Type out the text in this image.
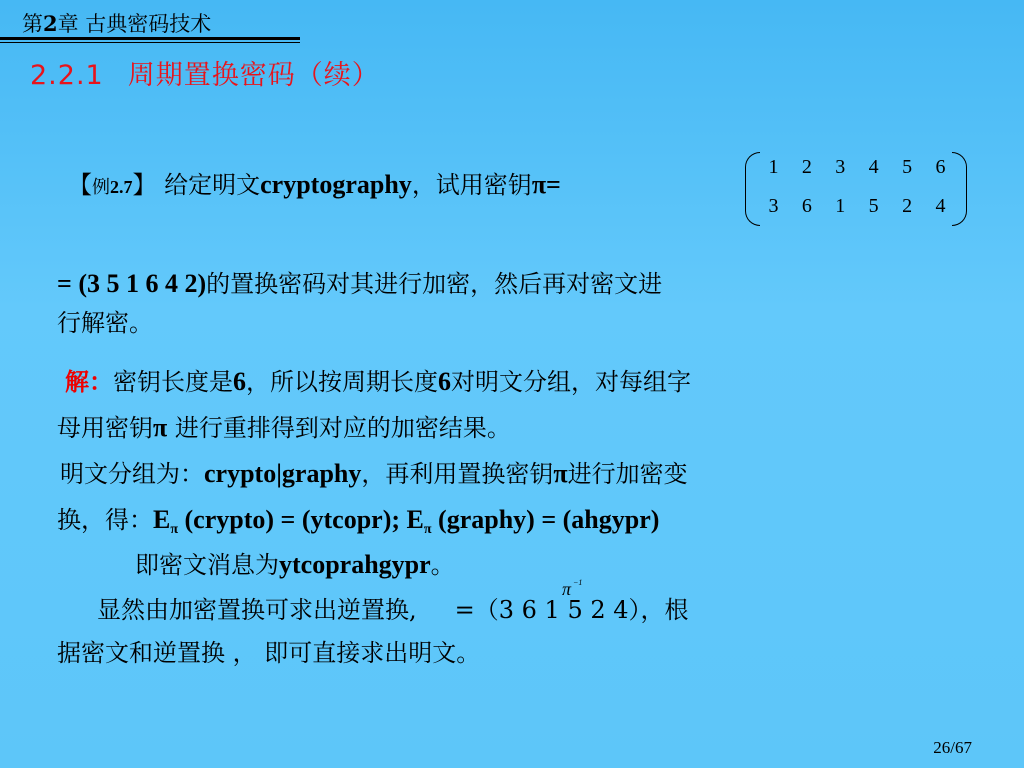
第2章 古典密码技术
2.2.1 周期置换密码（续）
【例2.7】 给定明文cryptography，试用密钥π=
1	2	3	4	5	6
3	6	1	5	2	4
= (3 5 1 6 4 2)的置换密码对其进行加密，然后再对密文进
行解密。
解：密钥长度是6，所以按周期长度6对明文分组，对每组字
母用密钥π 进行重排得到对应的加密结果。
明文分组为：crypto|graphy，再利用置换密钥π进行加密变
换，得：$E_\pi$ (crypto) = (ytcopr); $E_\pi$ (graphy) = (ahgypr)
即密文消息为ytcoprahgypr。
显然由加密置换可求出逆置换, =（3 6 1 5 2 4），根
π $^{-1}$
据密文和逆置换 ， 即可直接求出明文。
26/67
